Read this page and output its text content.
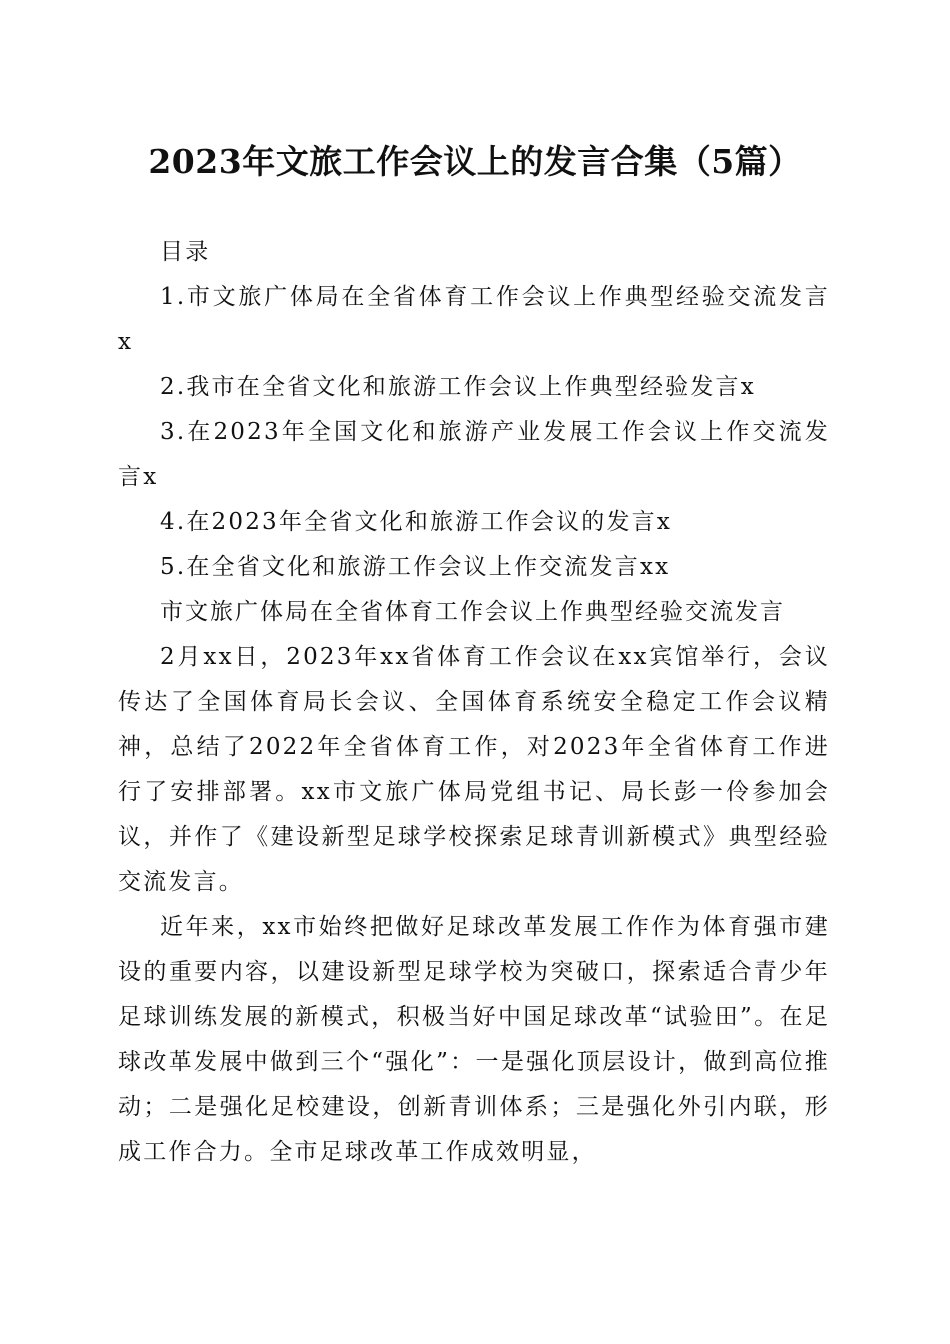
2023年文旅工作会议上的发言合集（5篇）

目录

1.市文旅广体局在全省体育工作会议上作典型经验交流发言x

2.我市在全省文化和旅游工作会议上作典型经验发言x

3.在2023年全国文化和旅游产业发展工作会议上作交流发言x

4.在2023年全省文化和旅游工作会议的发言x

5.在全省文化和旅游工作会议上作交流发言xx

市文旅广体局在全省体育工作会议上作典型经验交流发言

2月xx日，2023年xx省体育工作会议在xx宾馆举行，会议传达了全国体育局长会议、全国体育系统安全稳定工作会议精神，总结了2022年全省体育工作，对2023年全省体育工作进行了安排部署。xx市文旅广体局党组书记、局长彭一伶参加会议，并作了《建设新型足球学校探索足球青训新模式》典型经验交流发言。

近年来，xx市始终把做好足球改革发展工作作为体育强市建设的重要内容，以建设新型足球学校为突破口，探索适合青少年足球训练发展的新模式，积极当好中国足球改革“试验田”。在足球改革发展中做到三个“强化”：一是强化顶层设计，做到高位推动；二是强化足校建设，创新青训体系；三是强化外引内联，形成工作合力。全市足球改革工作成效明显，
